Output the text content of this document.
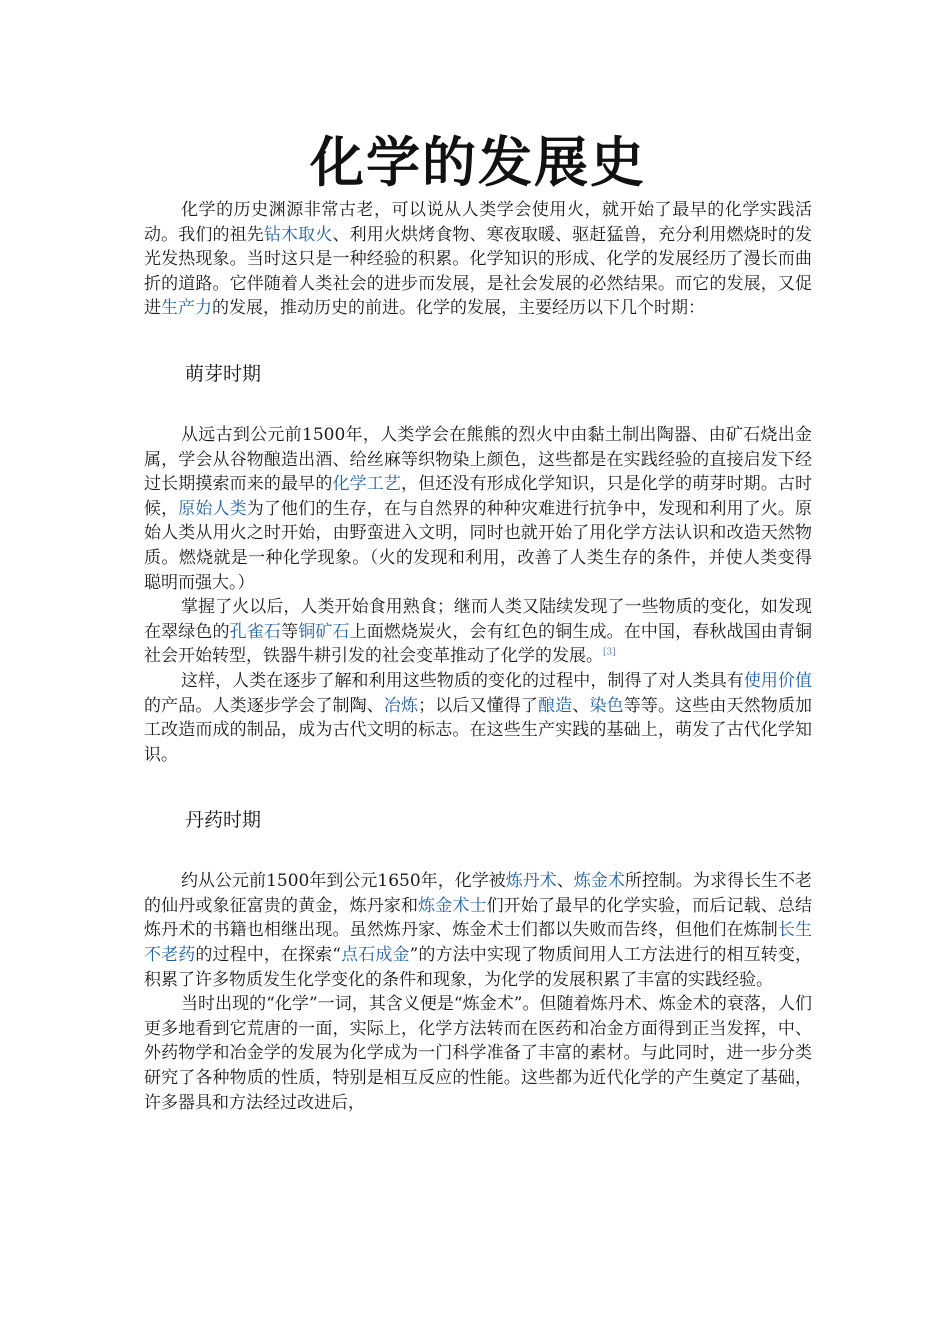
化学的发展史

化学的历史渊源非常古老，可以说从人类学会使用火，就开始了最早的化学实践活动。我们的祖先钻木取火、利用火烘烤食物、寒夜取暖、驱赶猛兽，充分利用燃烧时的发光发热现象。当时这只是一种经验的积累。化学知识的形成、化学的发展经历了漫长而曲折的道路。它伴随着人类社会的进步而发展，是社会发展的必然结果。而它的发展，又促进生产力的发展，推动历史的前进。化学的发展，主要经历以下几个时期：

萌芽时期

从远古到公元前1500年，人类学会在熊熊的烈火中由黏土制出陶器、由矿石烧出金属，学会从谷物酿造出酒、给丝麻等织物染上颜色，这些都是在实践经验的直接启发下经过长期摸索而来的最早的化学工艺，但还没有形成化学知识，只是化学的萌芽时期。古时候，原始人类为了他们的生存，在与自然界的种种灾难进行抗争中，发现和利用了火。原始人类从用火之时开始，由野蛮进入文明，同时也就开始了用化学方法认识和改造天然物质。燃烧就是一种化学现象。（火的发现和利用，改善了人类生存的条件，并使人类变得聪明而强大。）

掌握了火以后，人类开始食用熟食；继而人类又陆续发现了一些物质的变化，如发现在翠绿色的孔雀石等铜矿石上面燃烧炭火，会有红色的铜生成。在中国，春秋战国由青铜社会开始转型，铁器牛耕引发的社会变革推动了化学的发展。[3]

这样，人类在逐步了解和利用这些物质的变化的过程中，制得了对人类具有使用价值的产品。人类逐步学会了制陶、冶炼；以后又懂得了酿造、染色等等。这些由天然物质加工改造而成的制品，成为古代文明的标志。在这些生产实践的基础上，萌发了古代化学知识。

丹药时期

约从公元前1500年到公元1650年，化学被炼丹术、炼金术所控制。为求得长生不老的仙丹或象征富贵的黄金，炼丹家和炼金术士们开始了最早的化学实验，而后记载、总结炼丹术的书籍也相继出现。虽然炼丹家、炼金术士们都以失败而告终，但他们在炼制长生不老药的过程中，在探索“点石成金”的方法中实现了物质间用人工方法进行的相互转变，积累了许多物质发生化学变化的条件和现象，为化学的发展积累了丰富的实践经验。

当时出现的“化学”一词，其含义便是“炼金术”。但随着炼丹术、炼金术的衰落，人们更多地看到它荒唐的一面，实际上，化学方法转而在医药和冶金方面得到正当发挥，中、外药物学和冶金学的发展为化学成为一门科学准备了丰富的素材。与此同时，进一步分类研究了各种物质的性质，特别是相互反应的性能。这些都为近代化学的产生奠定了基础，许多器具和方法经过改进后，
